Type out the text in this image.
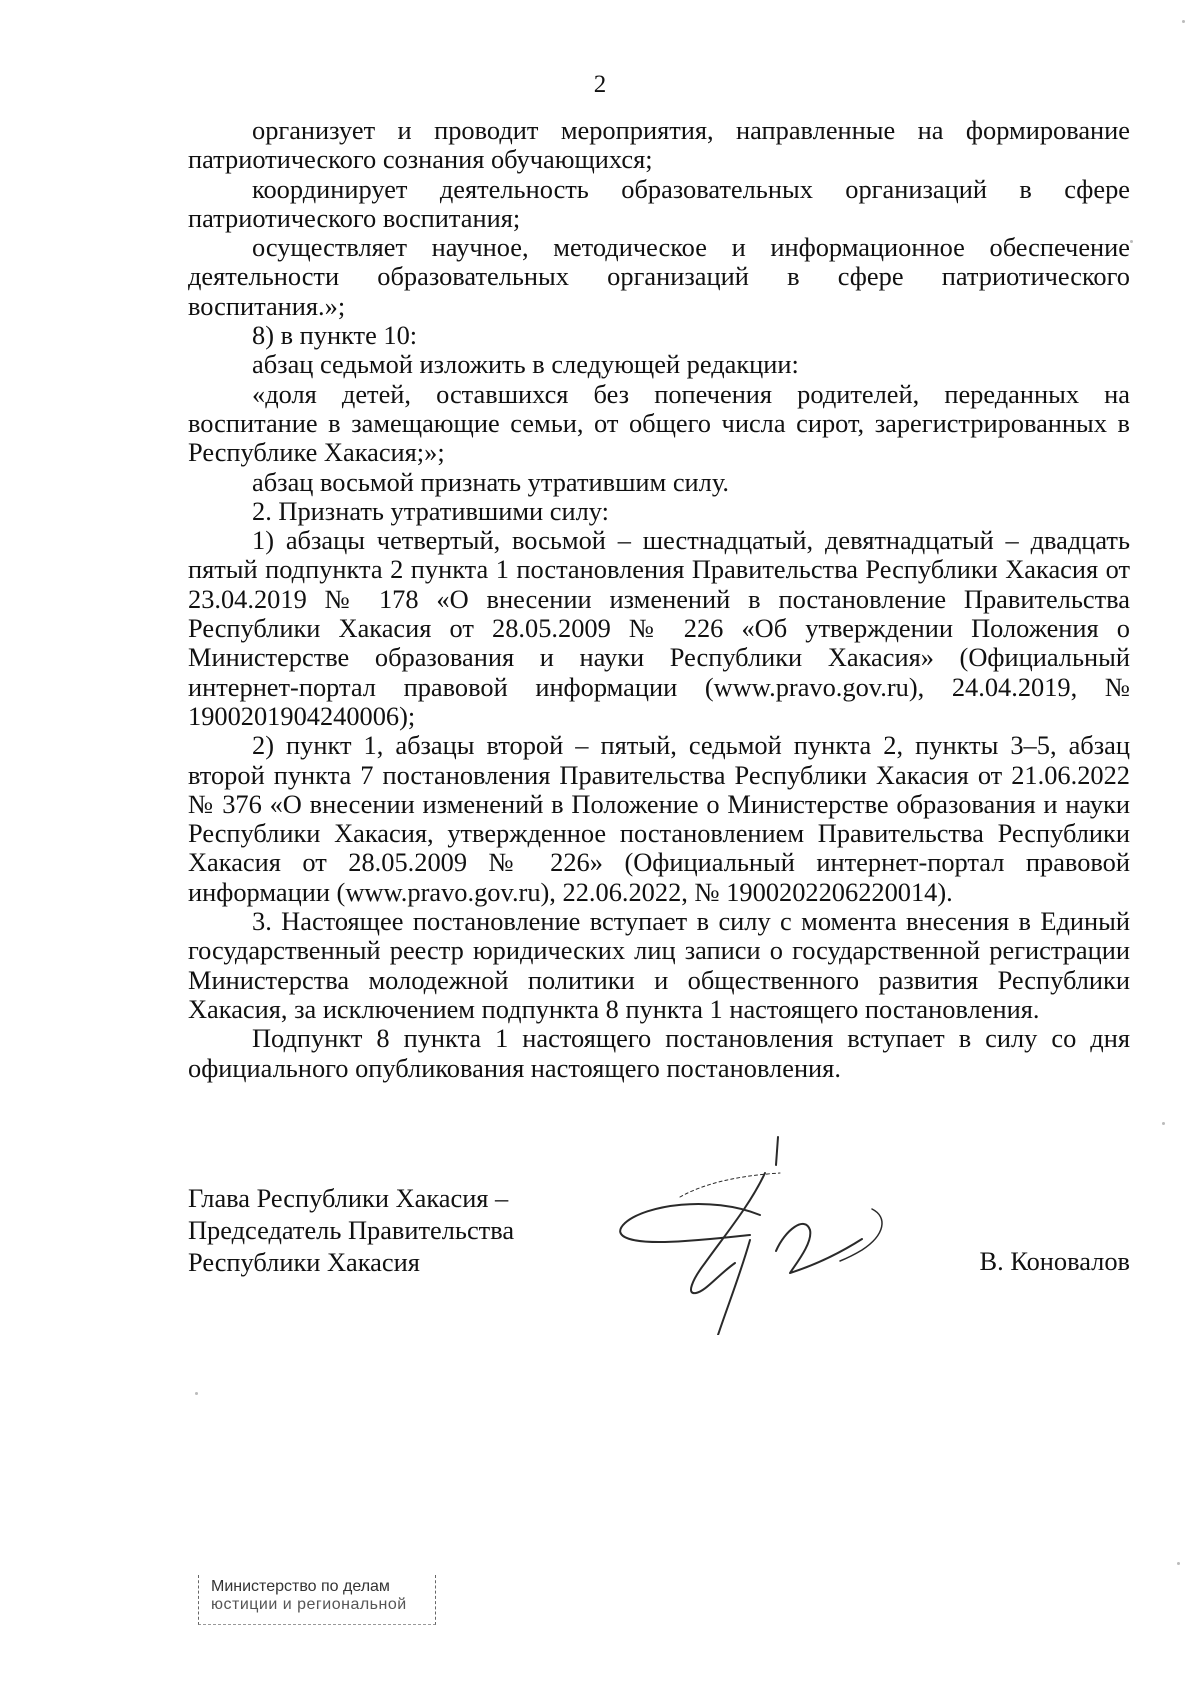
2

организует и проводит мероприятия, направленные на формирование патриотического сознания обучающихся;

координирует деятельность образовательных организаций в сфере патриотического воспитания;

осуществляет научное, методическое и информационное обеспечение деятельности образовательных организаций в сфере патриотического воспитания.»;

8) в пункте 10:

абзац седьмой изложить в следующей редакции:

«доля детей, оставшихся без попечения родителей, переданных на воспитание в замещающие семьи, от общего числа сирот, зарегистрированных в Республике Хакасия;»;

абзац восьмой признать утратившим силу.

2. Признать утратившими силу:

1) абзацы четвертый, восьмой – шестнадцатый, девятнадцатый – двадцать пятый подпункта 2 пункта 1 постановления Правительства Республики Хакасия от 23.04.2019 № 178 «О внесении изменений в постановление Правительства Республики Хакасия от 28.05.2009 № 226 «Об утверждении Положения о Министерстве образования и науки Республики Хакасия» (Официальный интернет-портал правовой информации (www.pravo.gov.ru), 24.04.2019, № 1900201904240006);

2) пункт 1, абзацы второй – пятый, седьмой пункта 2, пункты 3–5, абзац второй пункта 7 постановления Правительства Республики Хакасия от 21.06.2022 № 376 «О внесении изменений в Положение о Министерстве образования и науки Республики Хакасия, утвержденное постановлением Правительства Республики Хакасия от 28.05.2009 № 226» (Официальный интернет-портал правовой информации (www.pravo.gov.ru), 22.06.2022, № 1900202206220014).

3. Настоящее постановление вступает в силу с момента внесения в Единый государственный реестр юридических лиц записи о государственной регистрации Министерства молодежной политики и общественного развития Республики Хакасия, за исключением подпункта 8 пункта 1 настоящего постановления.

Подпункт 8 пункта 1 настоящего постановления вступает в силу со дня официального опубликования настоящего постановления.

Глава Республики Хакасия –
Председатель Правительства
Республики Хакасия	В. Коновалов
Министерство по делам
юстиции и региональной
